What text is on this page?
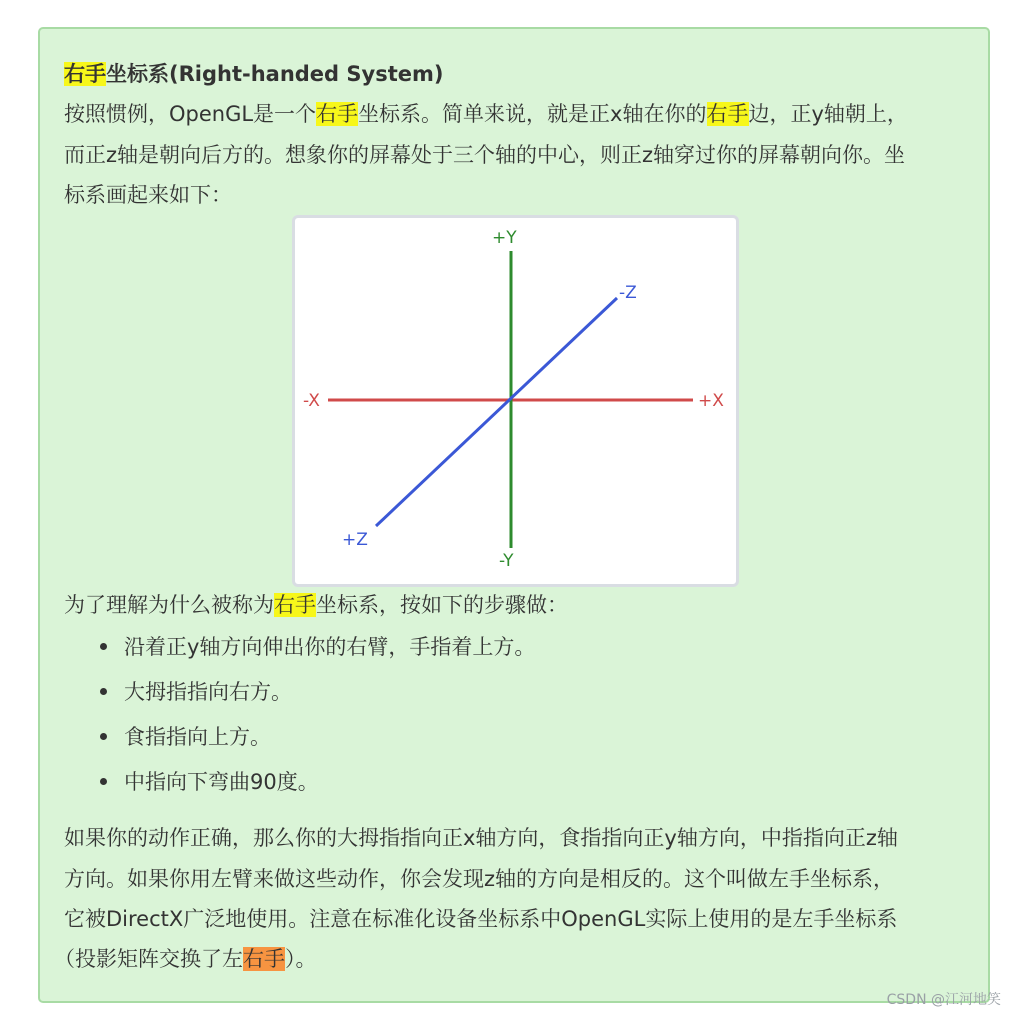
右手坐标系(Right-handed System)
按照惯例，OpenGL是一个右手坐标系。简单来说，就是正x轴在你的右手边，正y轴朝上，
而正z轴是朝向后方的。想象你的屏幕处于三个轴的中心，则正z轴穿过你的屏幕朝向你。坐
标系画起来如下：
+Y
-Y
+X
-X
+Z
-Z
为了理解为什么被称为右手坐标系，按如下的步骤做：
沿着正y轴方向伸出你的右臂，手指着上方。
大拇指指向右方。
食指指向上方。
中指向下弯曲90度。
如果你的动作正确，那么你的大拇指指向正x轴方向，食指指向正y轴方向，中指指向正z轴
方向。如果你用左臂来做这些动作，你会发现z轴的方向是相反的。这个叫做左手坐标系，
它被DirectX广泛地使用。注意在标准化设备坐标系中OpenGL实际上使用的是左手坐标系
（投影矩阵交换了左右手）。
CSDN @江河地笑
